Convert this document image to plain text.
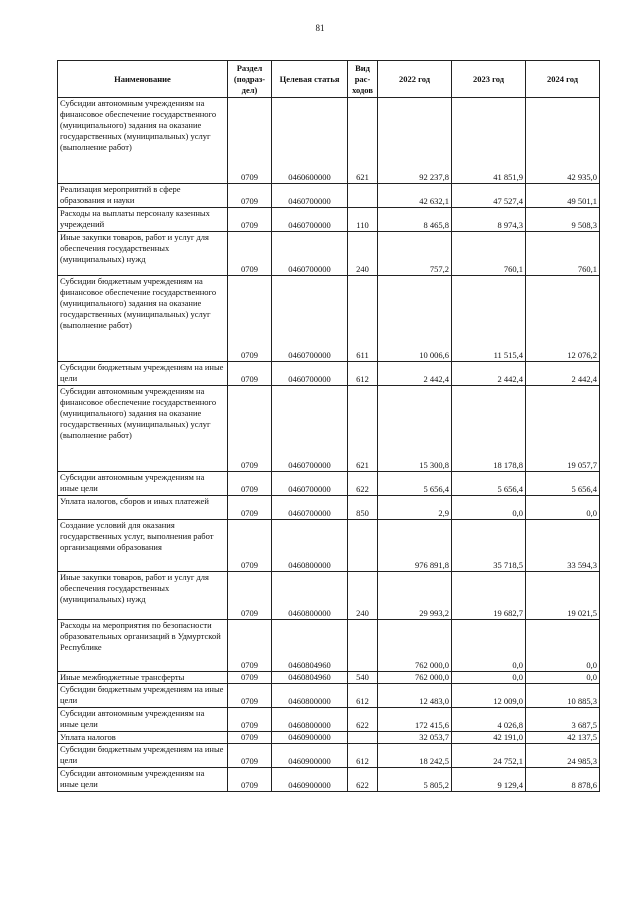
81
Наименование	Раздел (подраз-дел)	Целевая статья	Вид рас-ходов	2022 год	2023 год	2024 год
Субсидии автономным учреждениям на финансовое обеспечение государственного (муниципального) задания на оказание государственных (муниципальных) услуг (выполнение работ)	0709	0460600000	621	92 237,8	41 851,9	42 935,0
Реализация мероприятий в сфере образования и науки	0709	0460700000		42 632,1	47 527,4	49 501,1
Расходы на выплаты персоналу казенных учреждений	0709	0460700000	110	8 465,8	8 974,3	9 508,3
Иные закупки товаров, работ и услуг для обеспечения государственных (муниципальных) нужд	0709	0460700000	240	757,2	760,1	760,1
Субсидии бюджетным учреждениям на финансовое обеспечение государственного (муниципального) задания на оказание государственных (муниципальных) услуг (выполнение работ)	0709	0460700000	611	10 006,6	11 515,4	12 076,2
Субсидии бюджетным учреждениям на иные цели	0709	0460700000	612	2 442,4	2 442,4	2 442,4
Субсидии автономным учреждениям на финансовое обеспечение государственного (муниципального) задания на оказание государственных (муниципальных) услуг (выполнение работ)	0709	0460700000	621	15 300,8	18 178,8	19 057,7
Субсидии автономным учреждениям на иные цели	0709	0460700000	622	5 656,4	5 656,4	5 656,4
Уплата налогов, сборов и иных платежей	0709	0460700000	850	2,9	0,0	0,0
Создание условий для оказания государственных услуг, выполнения работ организациями образования	0709	0460800000		976 891,8	35 718,5	33 594,3
Иные закупки товаров, работ и услуг для обеспечения государственных (муниципальных) нужд	0709	0460800000	240	29 993,2	19 682,7	19 021,5
Расходы на мероприятия по безопасности образовательных организаций в Удмуртской Республике	0709	0460804960		762 000,0	0,0	0,0
Иные межбюджетные трансферты	0709	0460804960	540	762 000,0	0,0	0,0
Субсидии бюджетным учреждениям на иные цели	0709	0460800000	612	12 483,0	12 009,0	10 885,3
Субсидии автономным учреждениям на иные цели	0709	0460800000	622	172 415,6	4 026,8	3 687,5
Уплата налогов	0709	0460900000		32 053,7	42 191,0	42 137,5
Субсидии бюджетным учреждениям на иные цели	0709	0460900000	612	18 242,5	24 752,1	24 985,3
Субсидии автономным учреждениям на иные цели	0709	0460900000	622	5 805,2	9 129,4	8 878,6
